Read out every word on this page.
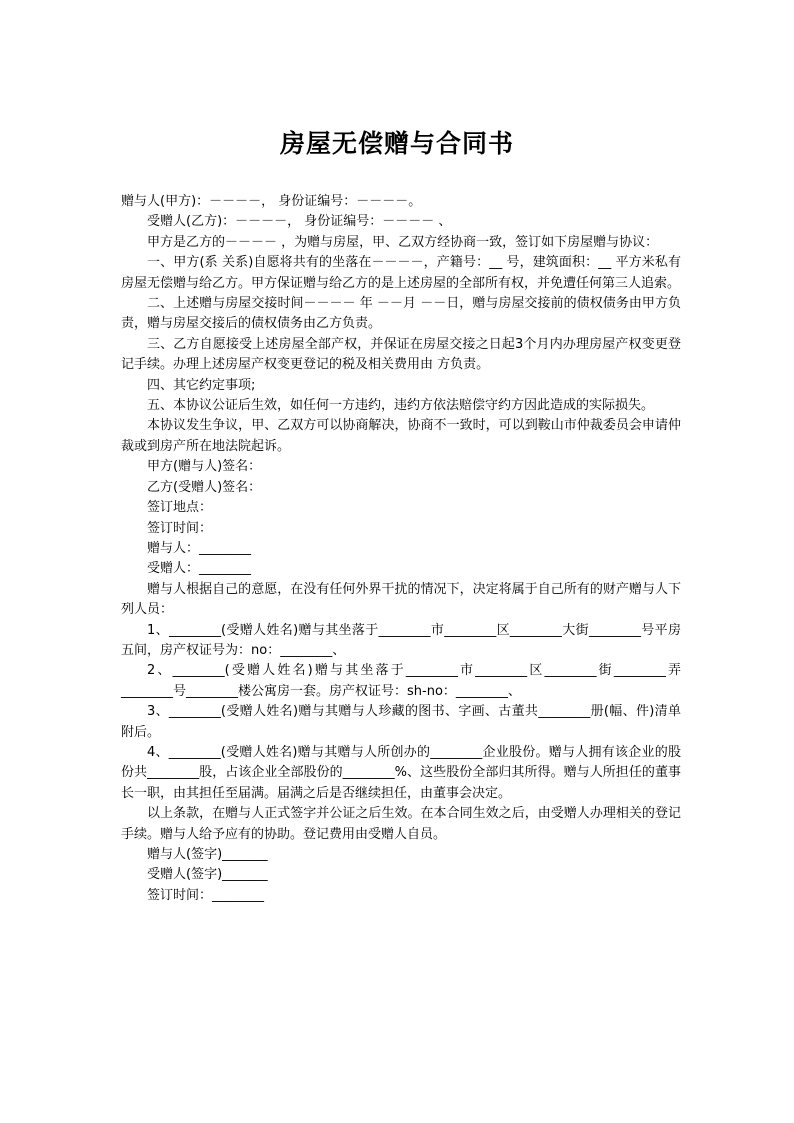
房屋无偿赠与合同书

赠与人(甲方)：－－－－， 身份证编号：－－－－。

受赠人(乙方)：－－－－， 身份证编号：－－－－ 、

甲方是乙方的－－－－ ，为赠与房屋，甲、乙双方经协商一致，签订如下房屋赠与协议：

一、甲方(系 关系)自愿将共有的坐落在－－－－，产籍号：__ 号，建筑面积：__ 平方米私有房屋无偿赠与给乙方。甲方保证赠与给乙方的是上述房屋的全部所有权，并免遭任何第三人追索。

二、上述赠与房屋交接时间－－－－ 年 －－月 －－日，赠与房屋交接前的债权债务由甲方负责，赠与房屋交接后的债权债务由乙方负责。

三、乙方自愿接受上述房屋全部产权，并保证在房屋交接之日起3个月内办理房屋产权变更登记手续。办理上述房屋产权变更登记的税及相关费用由 方负责。

四、其它约定事项;

五、本协议公证后生效，如任何一方违约，违约方依法赔偿守约方因此造成的实际损失。

本协议发生争议，甲、乙双方可以协商解决，协商不一致时，可以到鞍山市仲裁委员会申请仲裁或到房产所在地法院起诉。

甲方(赠与人)签名：

乙方(受赠人)签名：

签订地点：

签订时间：

赠与人：________

受赠人：________

赠与人根据自己的意愿，在没有任何外界干扰的情况下，决定将属于自己所有的财产赠与人下列人员：

1、________(受赠人姓名)赠与其坐落于________市________区________大街________号平房五间，房产权证号为：no：________、

2、________(受赠人姓名)赠与其坐落于________市________区________街________弄________号________楼公寓房一套。房产权证号：sh-no：________、

3、________(受赠人姓名)赠与其赠与人珍藏的图书、字画、古董共________册(幅、件)清单附后。

4、________(受赠人姓名)赠与其赠与人所创办的________企业股份。赠与人拥有该企业的股份共________股，占该企业全部股份的________%、这些股份全部归其所得。赠与人所担任的董事长一职，由其担任至届满。届满之后是否继续担任，由董事会决定。

以上条款，在赠与人正式签字并公证之后生效。在本合同生效之后，由受赠人办理相关的登记手续。赠与人给予应有的协助。登记费用由受赠人自员。

赠与人(签字)_______

受赠人(签字)_______

签订时间：________
